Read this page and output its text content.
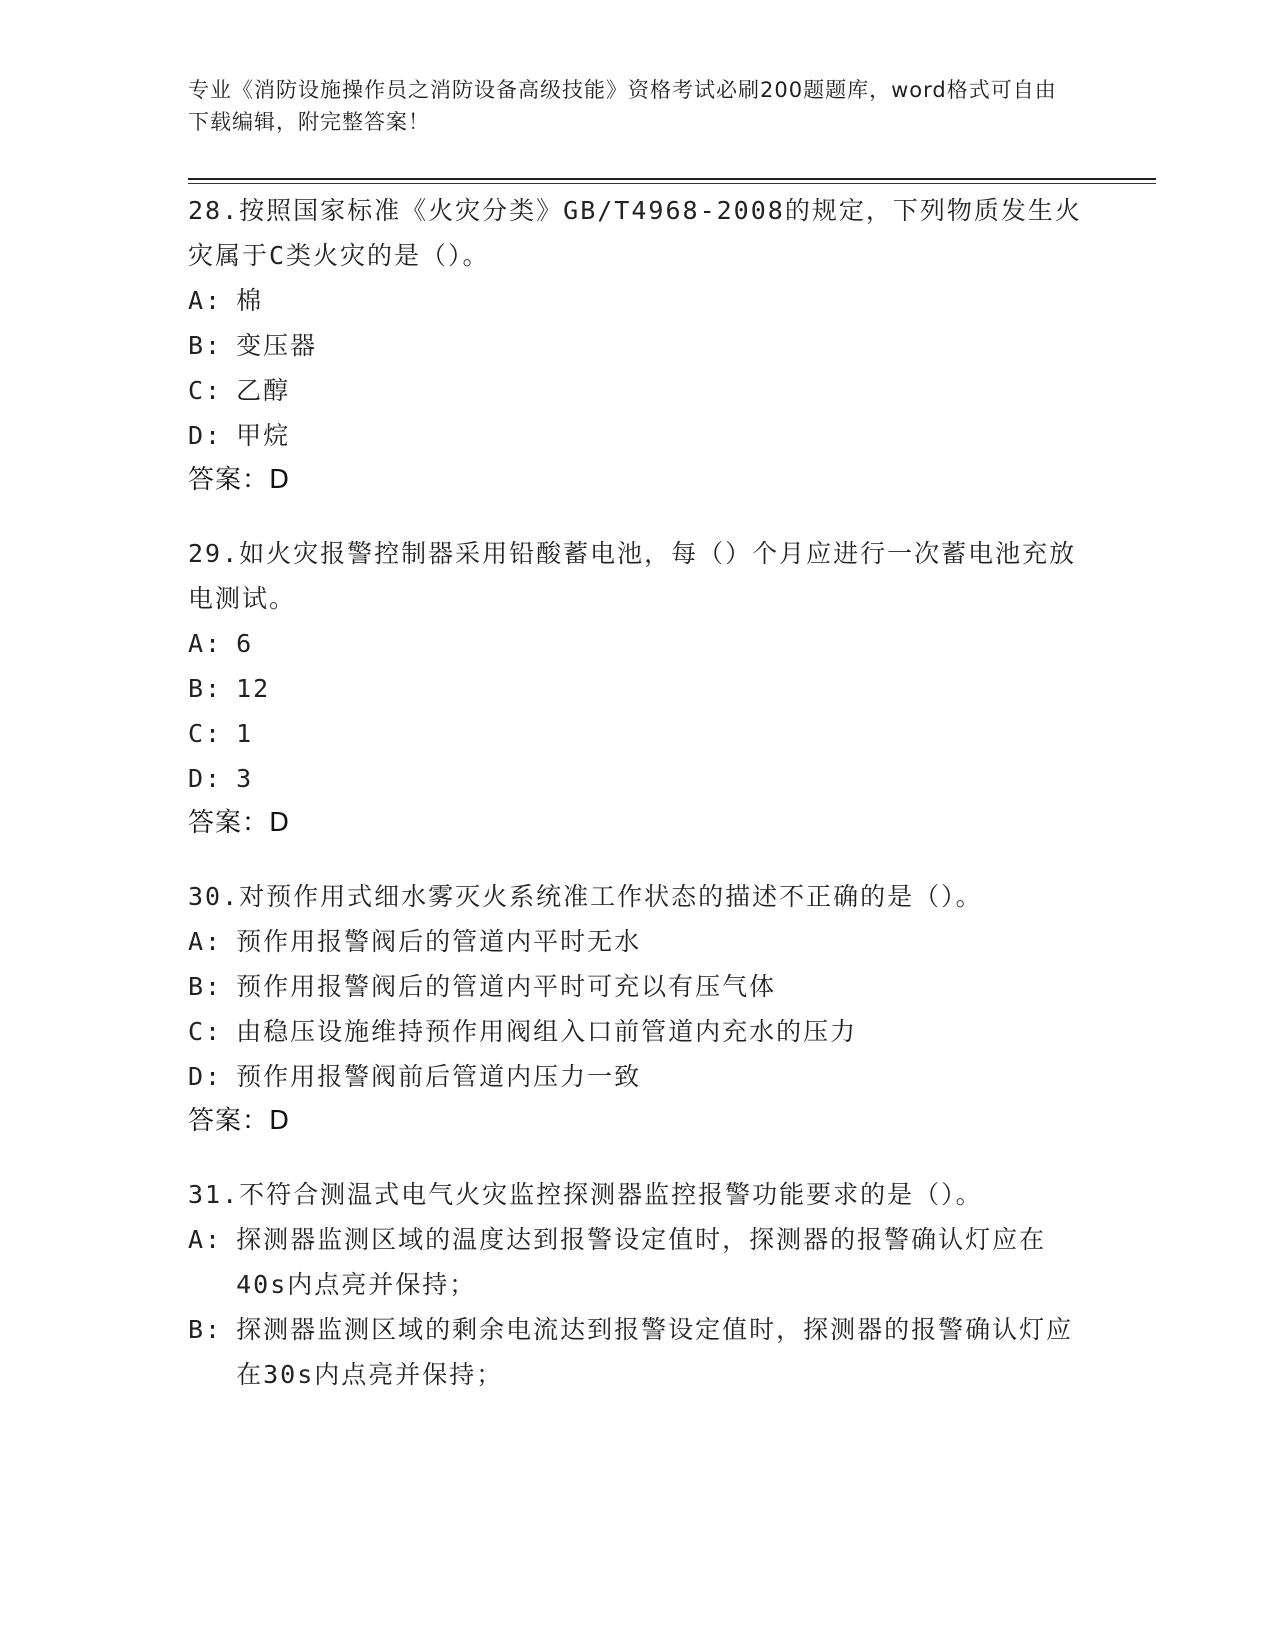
专业《消防设施操作员之消防设备高级技能》资格考试必刷200题题库，word格式可自由下载编辑，附完整答案！
28.按照国家标准《火灾分类》GB/T4968-2008的规定，下列物质发生火灾属于C类火灾的是（）。
A: 棉
B: 变压器
C: 乙醇
D: 甲烷
答案：D
29.如火灾报警控制器采用铅酸蓄电池，每（）个月应进行一次蓄电池充放电测试。
A: 6
B: 12
C: 1
D: 3
答案：D
30.对预作用式细水雾灭火系统准工作状态的描述不正确的是（）。
A: 预作用报警阀后的管道内平时无水
B: 预作用报警阀后的管道内平时可充以有压气体
C: 由稳压设施维持预作用阀组入口前管道内充水的压力
D: 预作用报警阀前后管道内压力一致
答案：D
31.不符合测温式电气火灾监控探测器监控报警功能要求的是（）。
A: 探测器监测区域的温度达到报警设定值时，探测器的报警确认灯应在40s内点亮并保持；
B: 探测器监测区域的剩余电流达到报警设定值时，探测器的报警确认灯应在30s内点亮并保持；
